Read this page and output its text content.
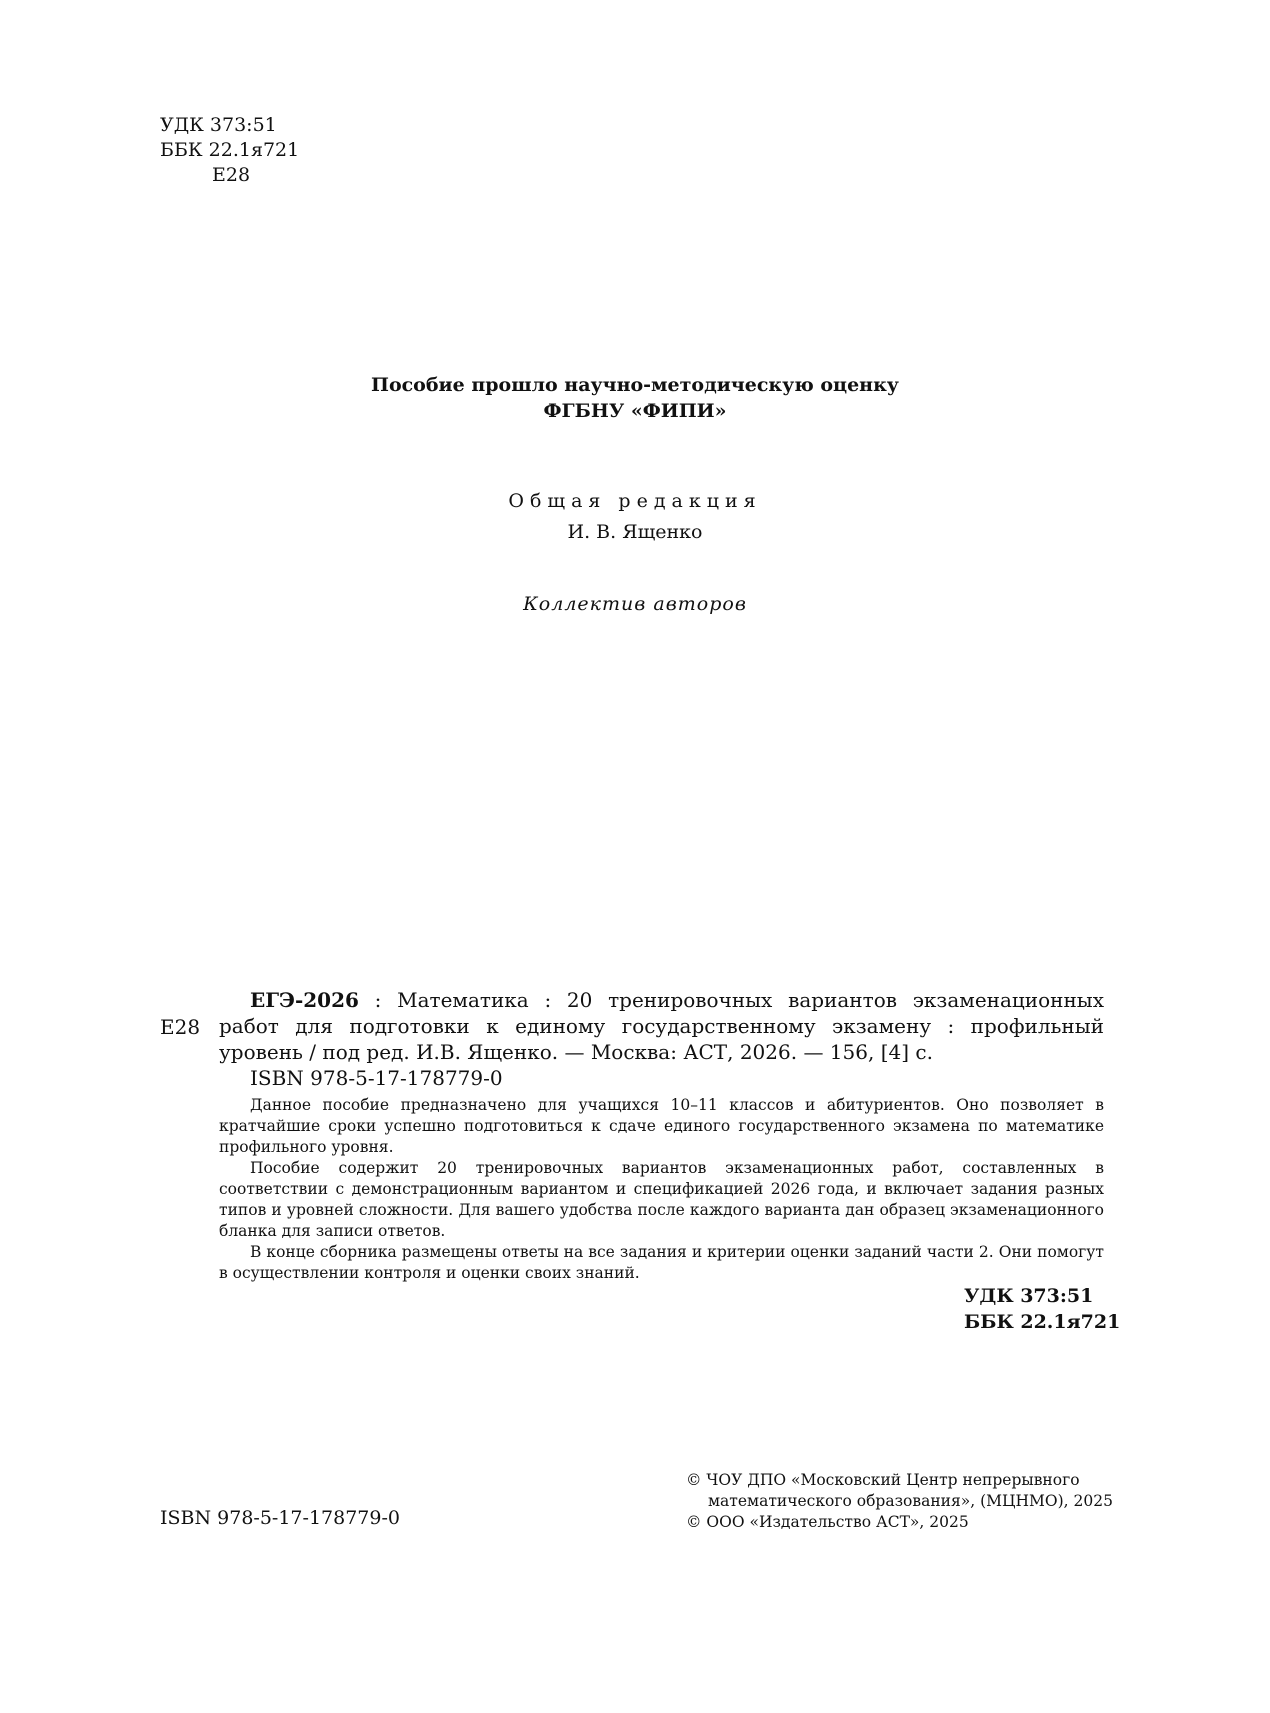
УДК 373:51
ББК 22.1я721
Е28
Пособие прошло научно-методическую оценку
ФГБНУ «ФИПИ»
Общая редакция
И. В. Ященко
Коллектив авторов
Е28
ЕГЭ-2026 : Математика : 20 тренировочных вариантов экзаменационных работ для подготовки к единому государственному экзамену : профильный уровень / под ред. И.В. Ященко. — Москва: АСТ, 2026. — 156, [4] с.
ISBN 978-5-17-178779-0

Данное пособие предназначено для учащихся 10–11 классов и абитуриентов. Оно позволяет в кратчайшие сроки успешно подготовиться к сдаче единого государственного экзамена по математике профильного уровня.

Пособие содержит 20 тренировочных вариантов экзаменационных работ, составленных в соответствии с демонстрационным вариантом и спецификацией 2026 года, и включает задания разных типов и уровней сложности. Для вашего удобства после каждого варианта дан образец экзаменационного бланка для записи ответов.

В конце сборника размещены ответы на все задания и критерии оценки заданий части 2. Они помогут в осуществлении контроля и оценки своих знаний.

УДК 373:51
ББК 22.1я721
ISBN 978-5-17-178779-0
© ЧОУ ДПО «Московский Центр непрерывного
математического образования», (МЦНМО), 2025
© ООО «Издательство АСТ», 2025
